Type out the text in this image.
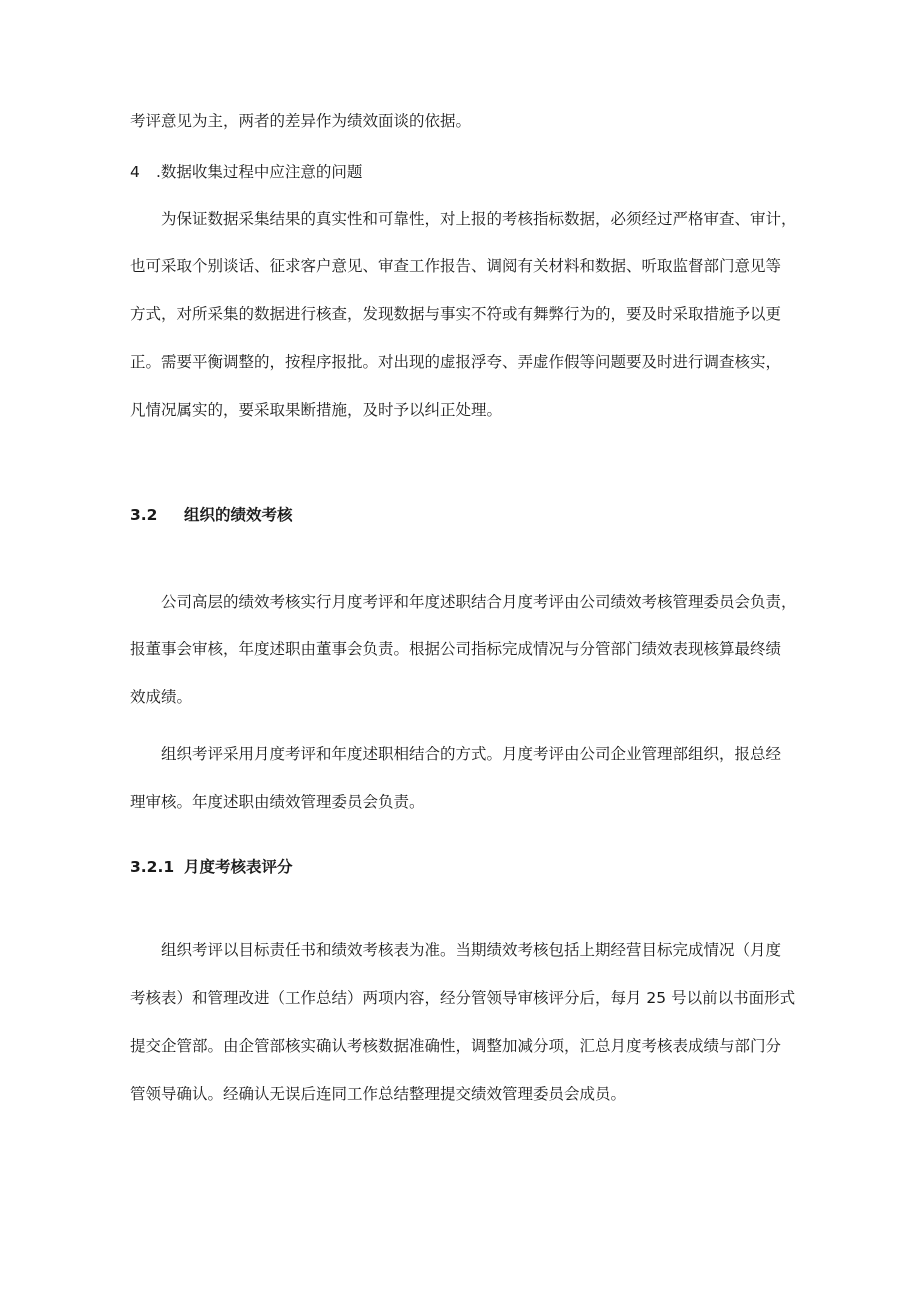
考评意见为主，两者的差异作为绩效面谈的依据。
4 .数据收集过程中应注意的问题
为保证数据采集结果的真实性和可靠性，对上报的考核指标数据，必须经过严格审查、审计，
也可采取个别谈话、征求客户意见、审查工作报告、调阅有关材料和数据、听取监督部门意见等
方式，对所采集的数据进行核查，发现数据与事实不符或有舞弊行为的，要及时采取措施予以更
正。需要平衡调整的，按程序报批。对出现的虚报浮夸、弄虚作假等问题要及时进行调查核实，
凡情况属实的，要采取果断措施，及时予以纠正处理。
3.2 组织的绩效考核
公司高层的绩效考核实行月度考评和年度述职结合月度考评由公司绩效考核管理委员会负责，
报董事会审核，年度述职由董事会负责。根据公司指标完成情况与分管部门绩效表现核算最终绩
效成绩。
组织考评采用月度考评和年度述职相结合的方式。月度考评由公司企业管理部组织，报总经
理审核。年度述职由绩效管理委员会负责。
3.2.1 月度考核表评分
组织考评以目标责任书和绩效考核表为准。当期绩效考核包括上期经营目标完成情况（月度
考核表）和管理改进（工作总结）两项内容，经分管领导审核评分后，每月 25 号以前以书面形式
提交企管部。由企管部核实确认考核数据准确性，调整加减分项，汇总月度考核表成绩与部门分
管领导确认。经确认无误后连同工作总结整理提交绩效管理委员会成员。
